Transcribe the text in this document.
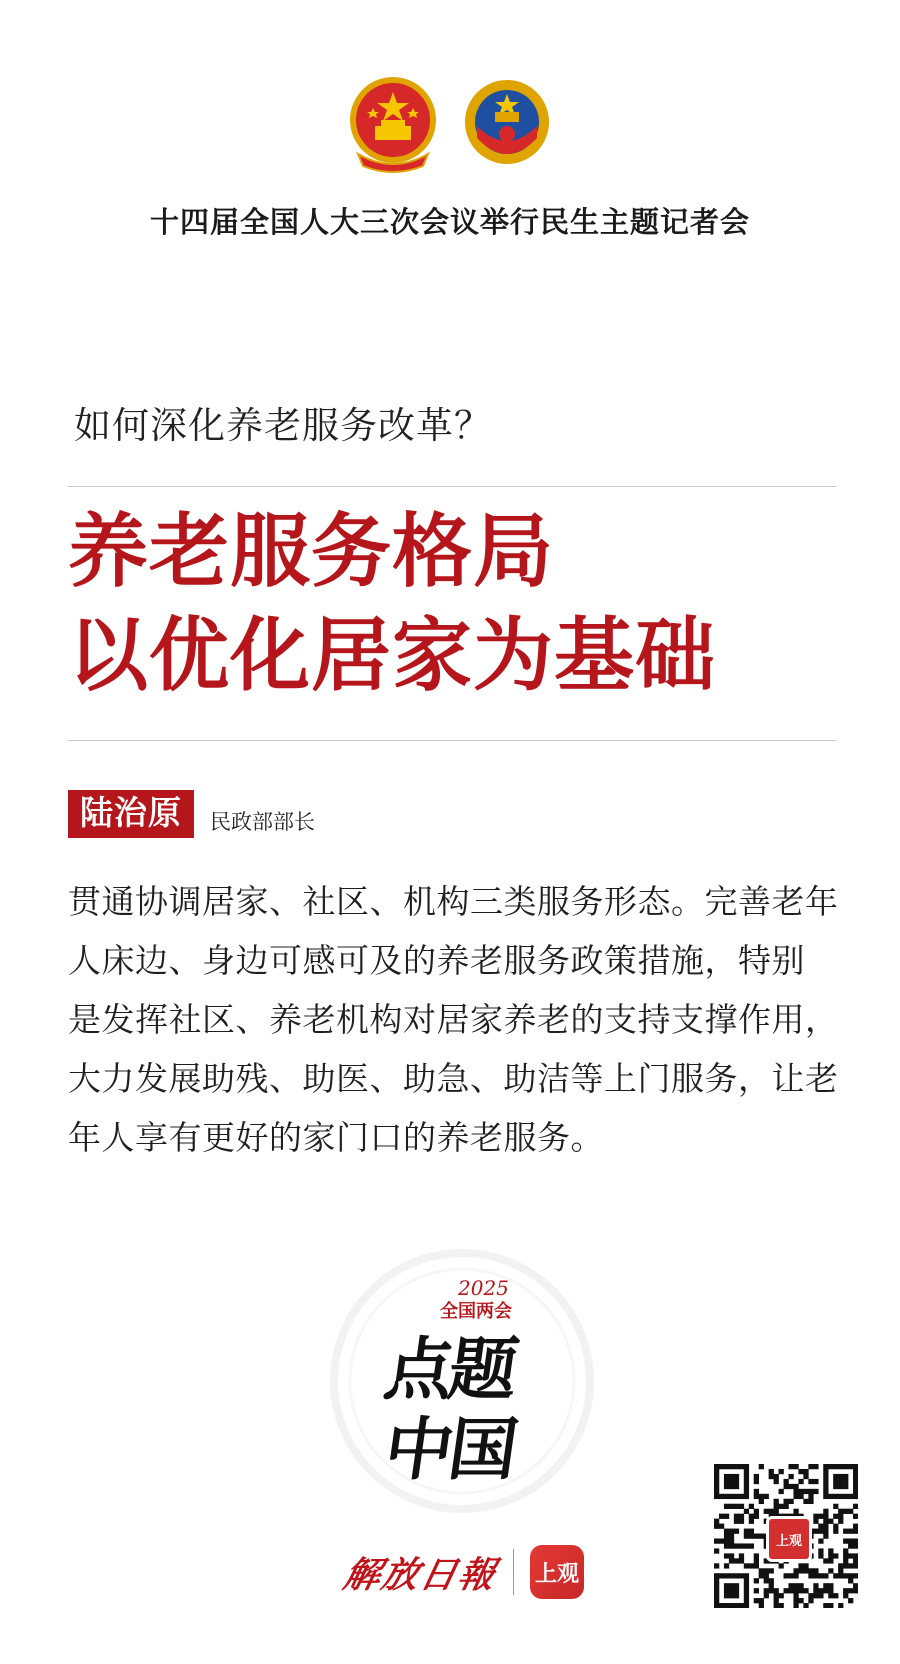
十四届全国人大三次会议举行民生主题记者会
如何深化养老服务改革？
养老服务格局
以优化居家为基础
陆治原	民政部部长
贯通协调居家、社区、机构三类服务形态。完善老年
人床边、身边可感可及的养老服务政策措施，特别
是发挥社区、养老机构对居家养老的支持支撑作用，
大力发展助残、助医、助急、助洁等上门服务，让老
年人享有更好的家门口的养老服务。
2025
全国两会
点题
中国
解放日報 上观
上观
